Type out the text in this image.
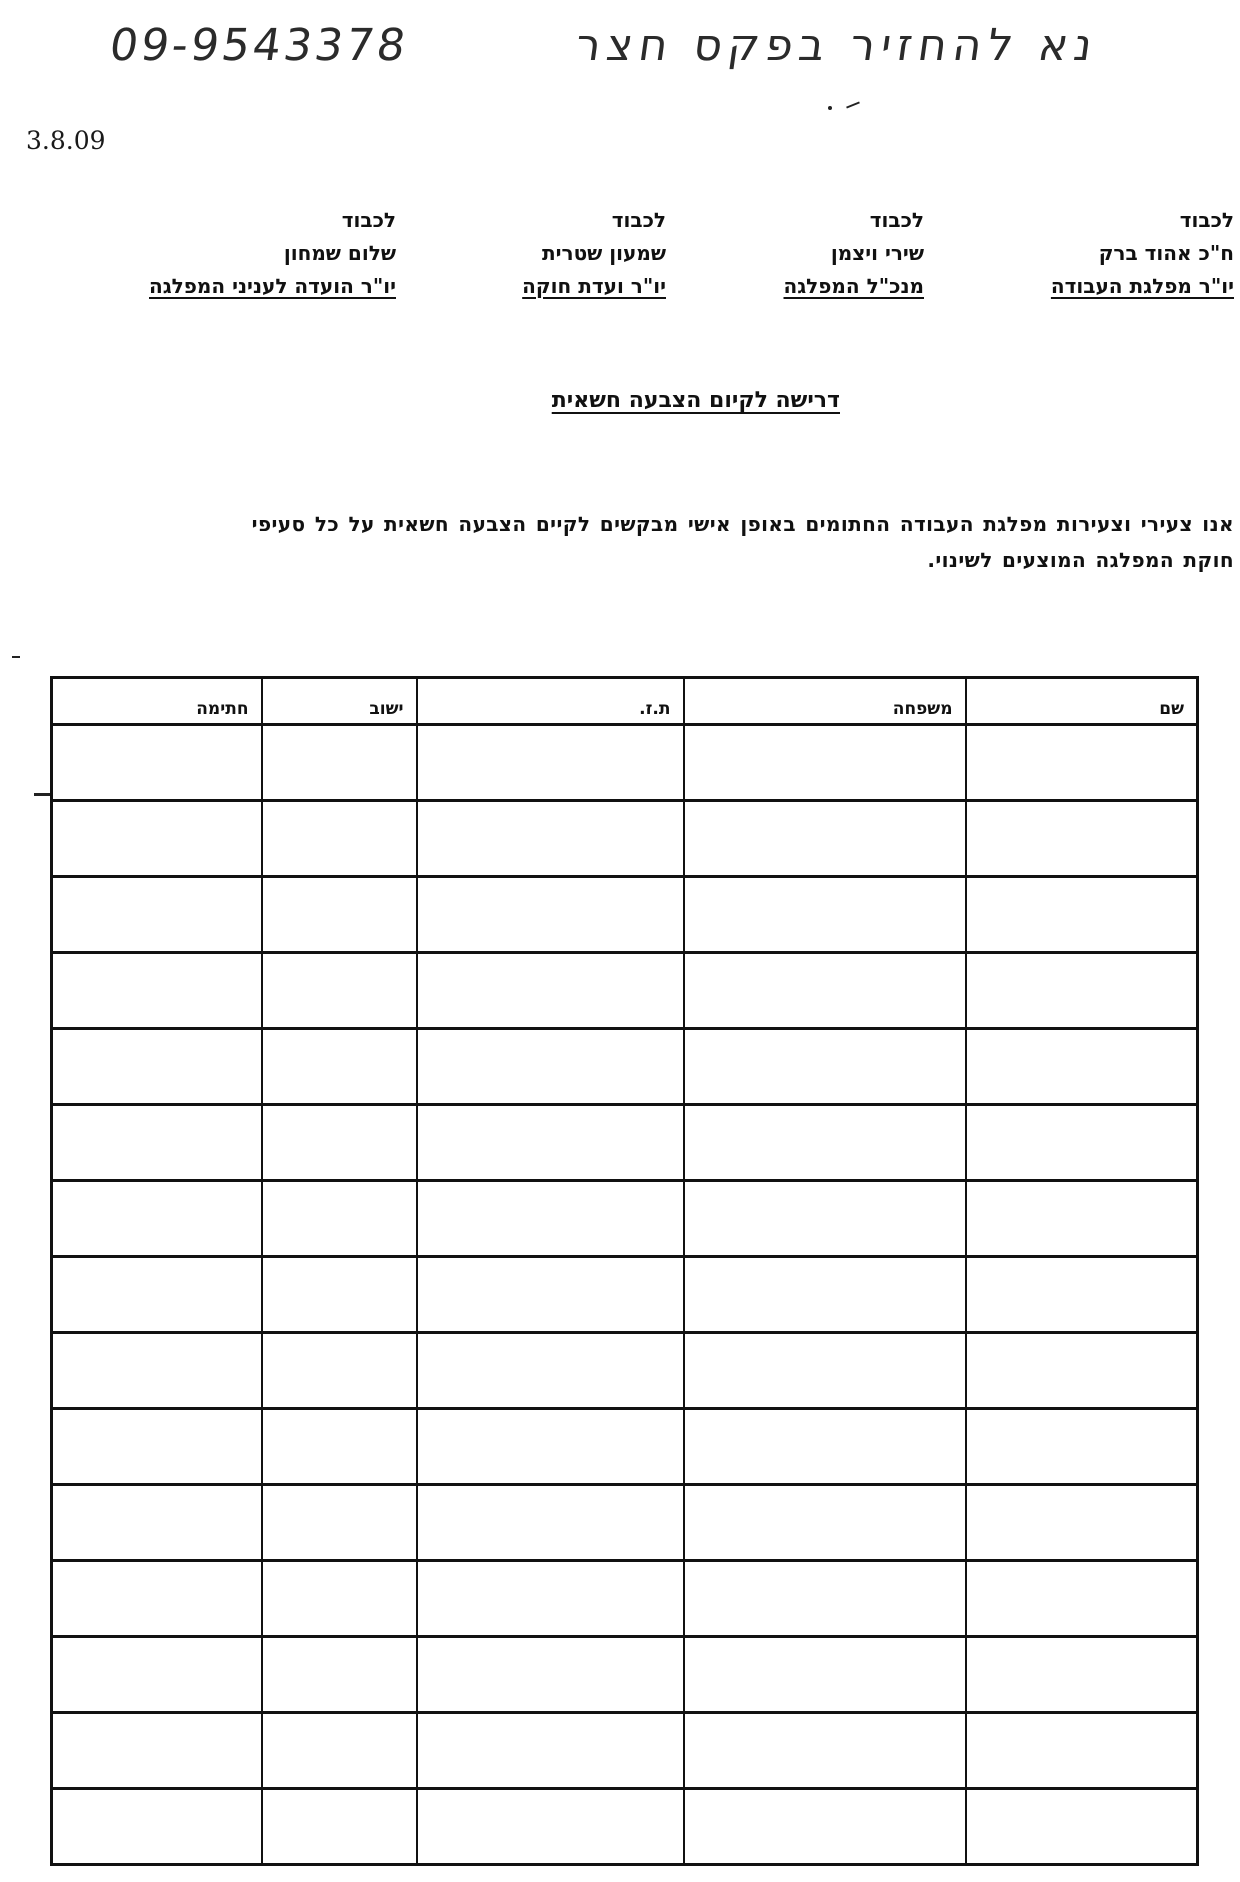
נא להחזיר בפקס חצר
09-9543378
3.8.09
לכבוד
ח"כ אהוד ברק
יו"ר מפלגת העבודה
לכבוד
שירי ויצמן
מנכ"ל המפלגה
לכבוד
שמעון שטרית
יו"ר ועדת חוקה
לכבוד
שלום שמחון
יו"ר הועדה לעניני המפלגה
דרישה לקיום הצבעה חשאית
אנו צעירי וצעירות מפלגת העבודה החתומים באופן אישי מבקשים לקיים הצבעה חשאית על כל סעיפי
חוקת המפלגה המוצעים לשינוי.
שם	משפחה	ת.ז.	ישוב	חתימה
